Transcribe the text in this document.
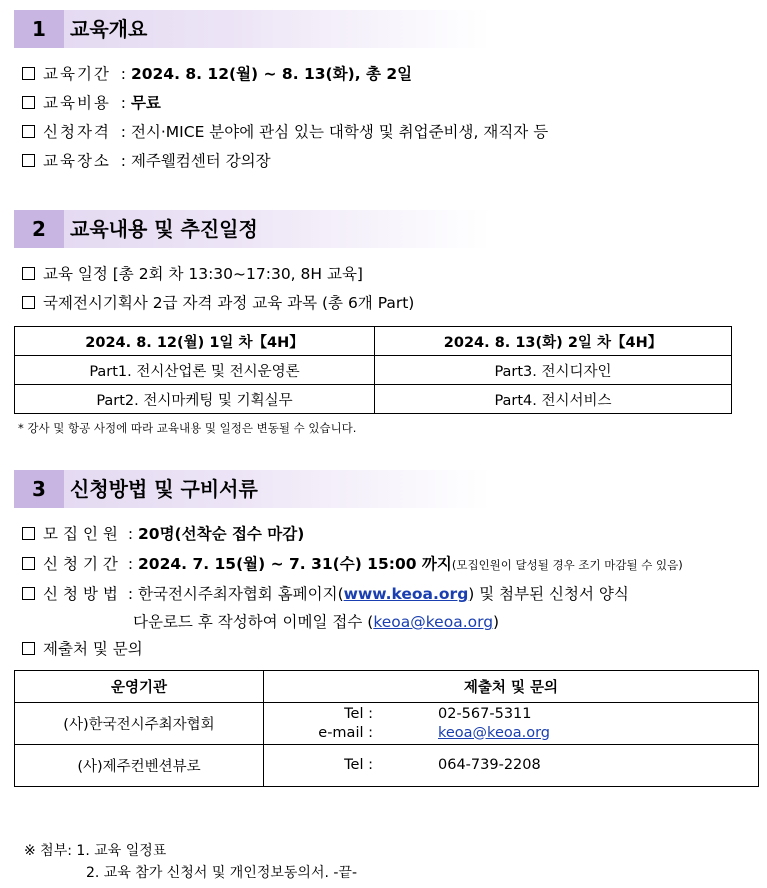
1	교육개요
교육기간 : 2024. 8. 12(월) ~ 8. 13(화), 총 2일
교육비용 : 무료
신청자격 : 전시·MICE 분야에 관심 있는 대학생 및 취업준비생, 재직자 등
교육장소 : 제주웰컴센터 강의장
2	교육내용 및 추진일정
교육 일정 [총 2회 차 13:30~17:30, 8H 교육]
국제전시기획사 2급 자격 과정 교육 과목 (총 6개 Part)
2024. 8. 12(월) 1일 차【4H】	2024. 8. 13(화) 2일 차【4H】
Part1. 전시산업론 및 전시운영론	Part3. 전시디자인
Part2. 전시마케팅 및 기획실무	Part4. 전시서비스
* 강사 및 항공 사정에 따라 교육내용 및 일정은 변동될 수 있습니다.
3	신청방법 및 구비서류
모집인원 : 20명(선착순 접수 마감)
신청기간 : 2024. 7. 15(월) ~ 7. 31(수) 15:00 까지(모집인원이 달성될 경우 조기 마감될 수 있음)
신청방법 : 한국전시주최자협회 홈페이지(www.keoa.org) 및 첨부된 신청서 양식
다운로드 후 작성하여 이메일 접수 (keoa@keoa.org)
제출처 및 문의
운영기관	제출처 및 문의
(사)한국전시주최자협회	Tel : 02-567-5311
e-mail : keoa@keoa.org

(사)제주컨벤션뷰로	Tel : 064-739-2208
※ 첨부: 1. 교육 일정표
2. 교육 참가 신청서 및 개인정보동의서. -끝-
